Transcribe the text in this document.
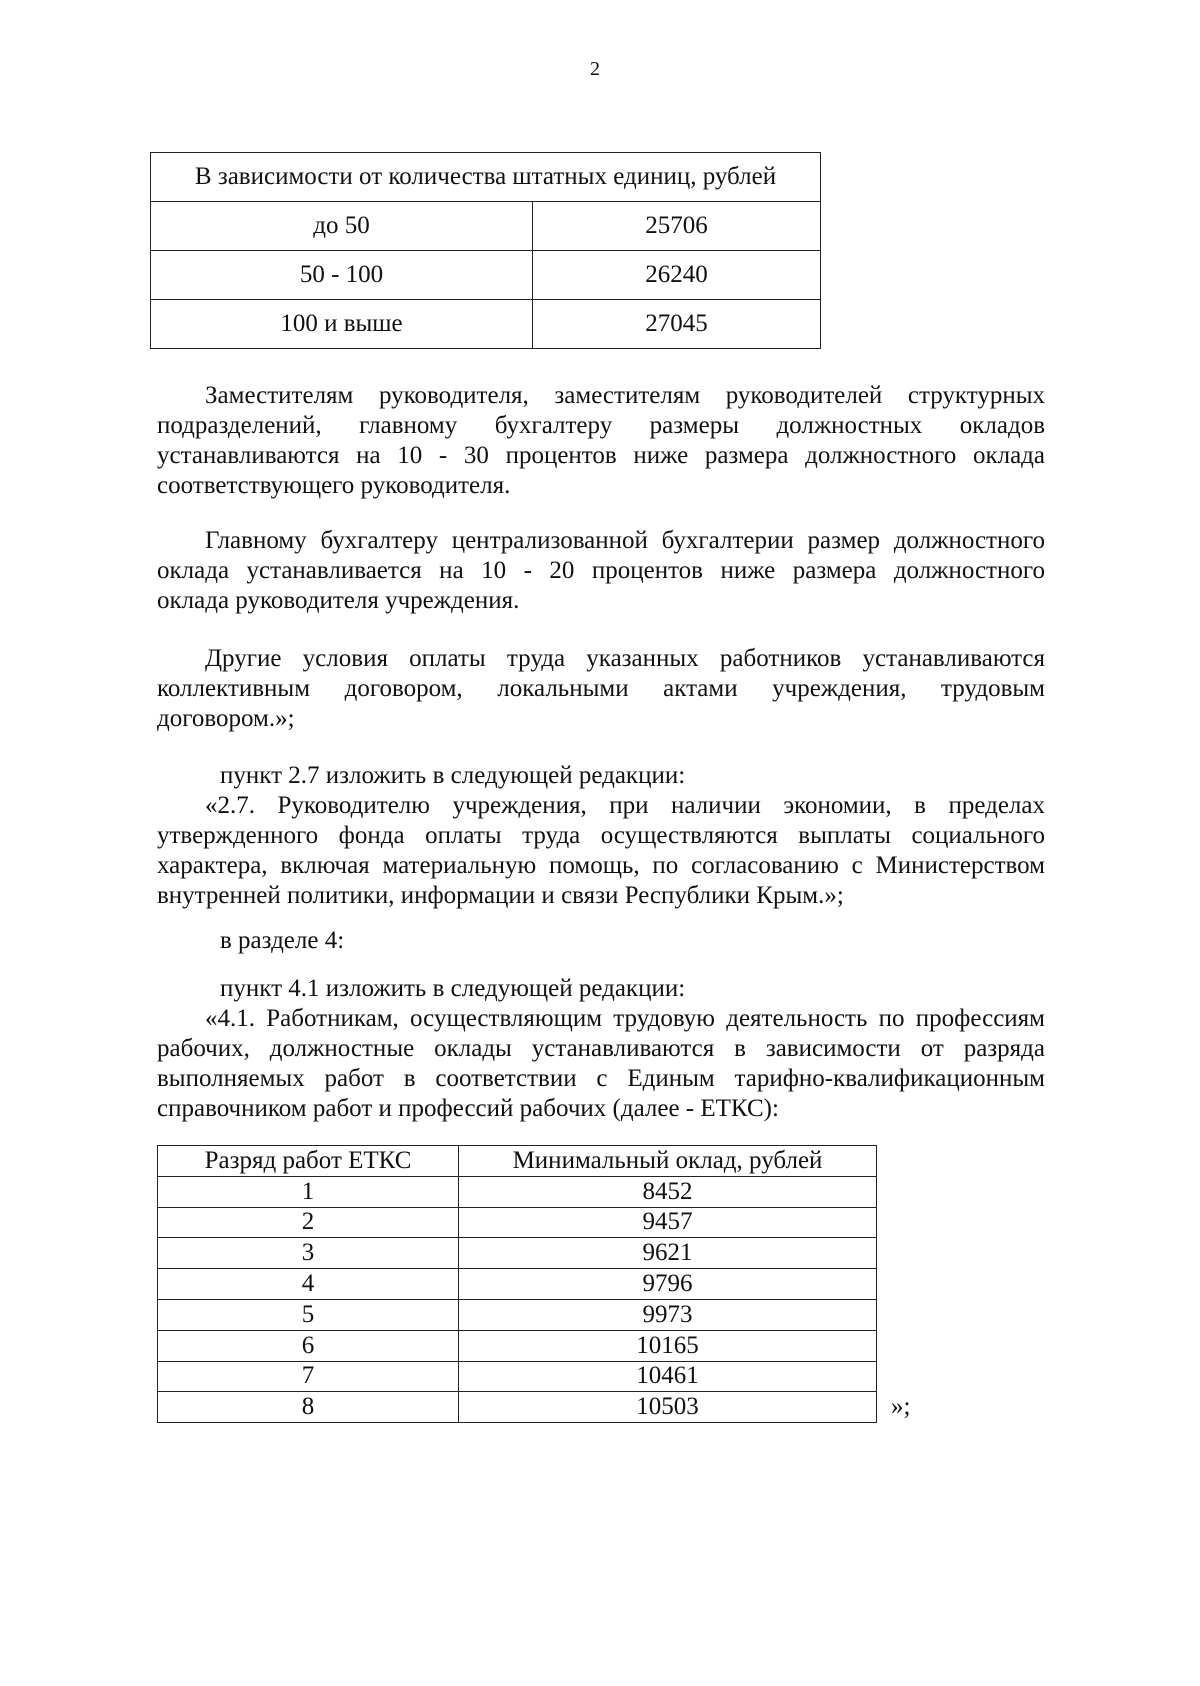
2
В зависимости от количества штатных единиц, рублей	
до 50	25706
50 - 100	26240
100 и выше	27045
Заместителям руководителя, заместителям руководителей структурных
подразделений, главному бухгалтеру размеры должностных окладов
устанавливаются на 10 - 30 процентов ниже размера должностного оклада
соответствующего руководителя.
Главному бухгалтеру централизованной бухгалтерии размер должностного
оклада устанавливается на 10 - 20 процентов ниже размера должностного
оклада руководителя учреждения.
Другие условия оплаты труда указанных работников устанавливаются
коллективным договором, локальными актами учреждения, трудовым
договором.»;
пункт 2.7 изложить в следующей редакции:
«2.7. Руководителю учреждения, при наличии экономии, в пределах
утвержденного фонда оплаты труда осуществляются выплаты социального
характера, включая материальную помощь, по согласованию с Министерством
внутренней политики, информации и связи Республики Крым.»;
в разделе 4:
пункт 4.1 изложить в следующей редакции:
«4.1. Работникам, осуществляющим трудовую деятельность по профессиям
рабочих, должностные оклады устанавливаются в зависимости от разряда
выполняемых работ в соответствии с Единым тарифно-квалификационным
справочником работ и профессий рабочих (далее - ЕТКС):
Разряд работ ЕТКС	Минимальный оклад, рублей
1	8452
2	9457
3	9621
4	9796
5	9973
6	10165
7	10461
8	10503	»;
